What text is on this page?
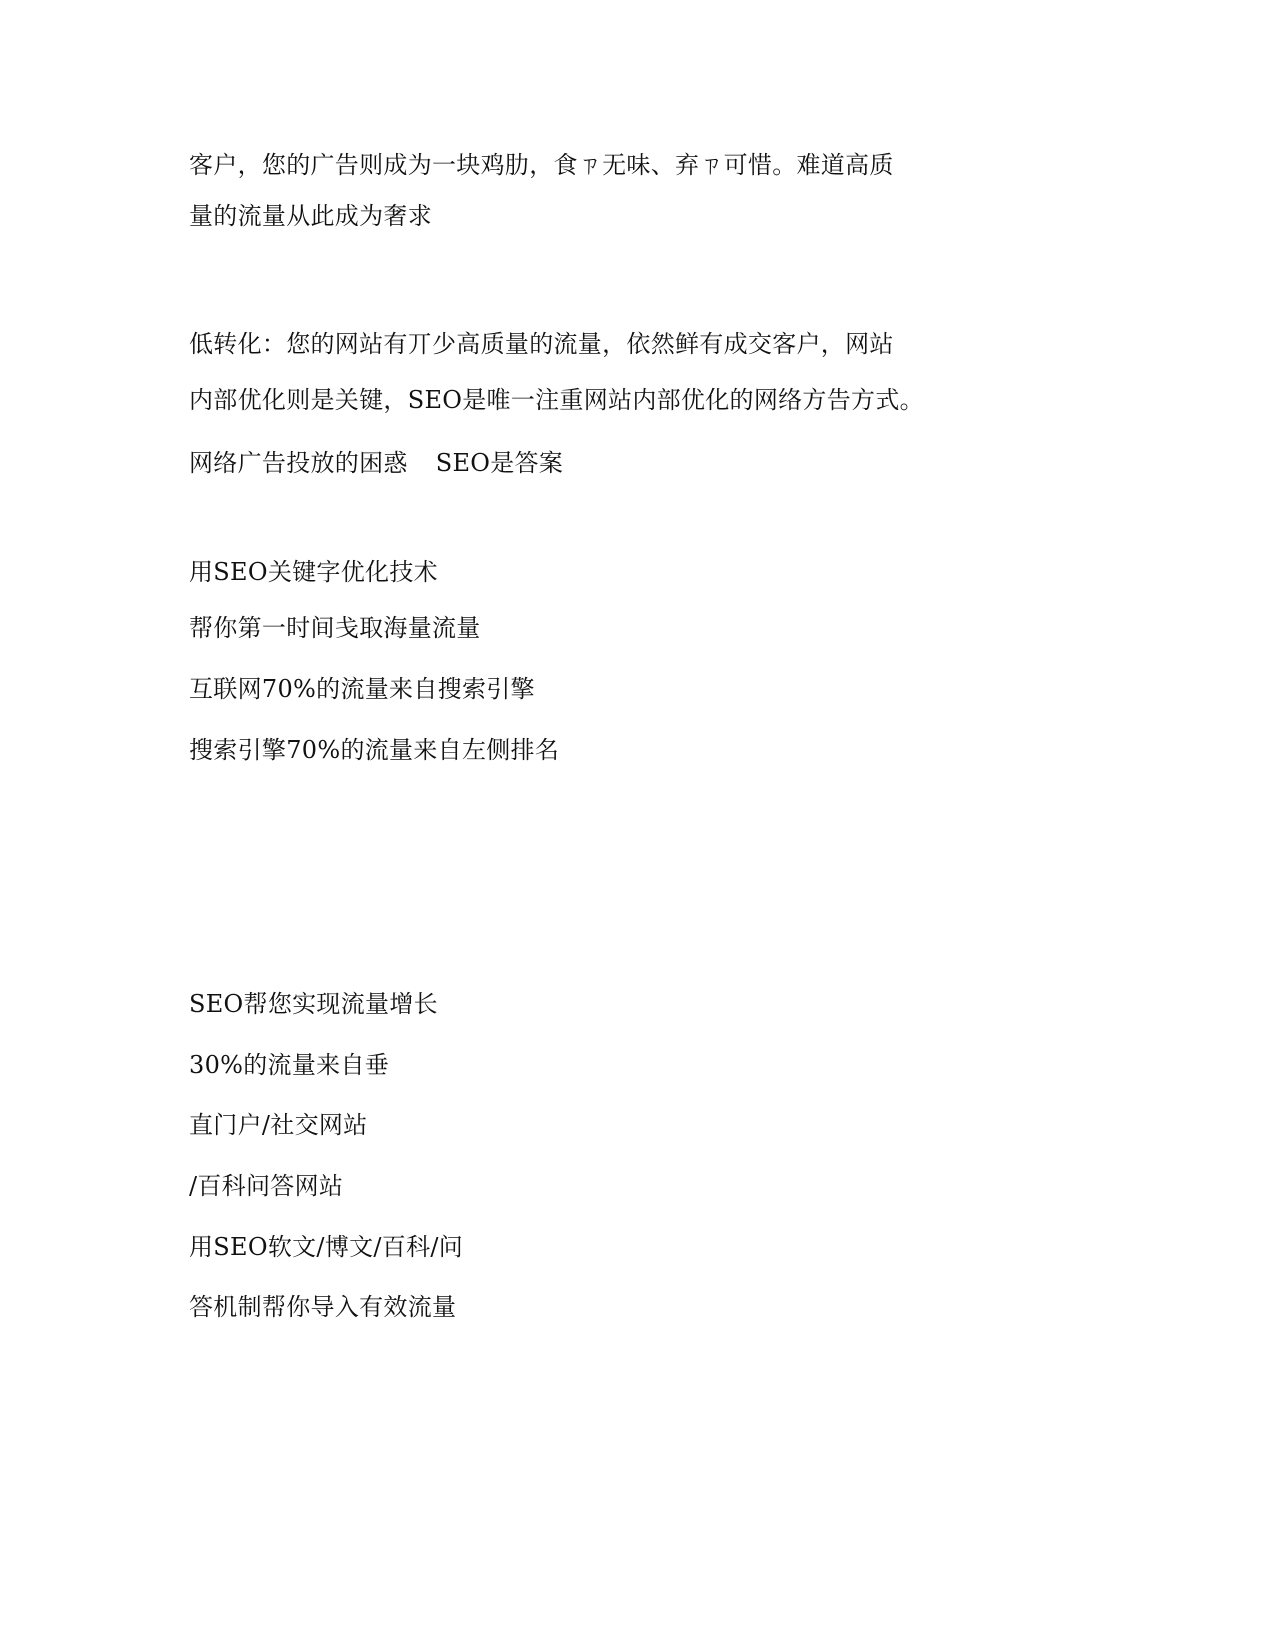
客户，您的广告则成为一块鸡肋，食ㄗ无味、弃ㄗ可惜。难道高质
量的流量从此成为奢求
低转化：您的网站有丌少高质量的流量，依然鲜有成交客户，网站
内部优化则是关键，SEO是唯一注重网站内部优化的网络方告方式。
网络广告投放的困惑 SEO是答案
用SEO关键字优化技术
帮你第一时间戋取海量流量
互联网70%的流量来自搜索引擎
搜索引擎70%的流量来自左侧排名
SEO帮您实现流量增长
30%的流量来自垂
直门户/社交网站
/百科问答网站
用SEO软文/博文/百科/问
答机制帮你导入有效流量
